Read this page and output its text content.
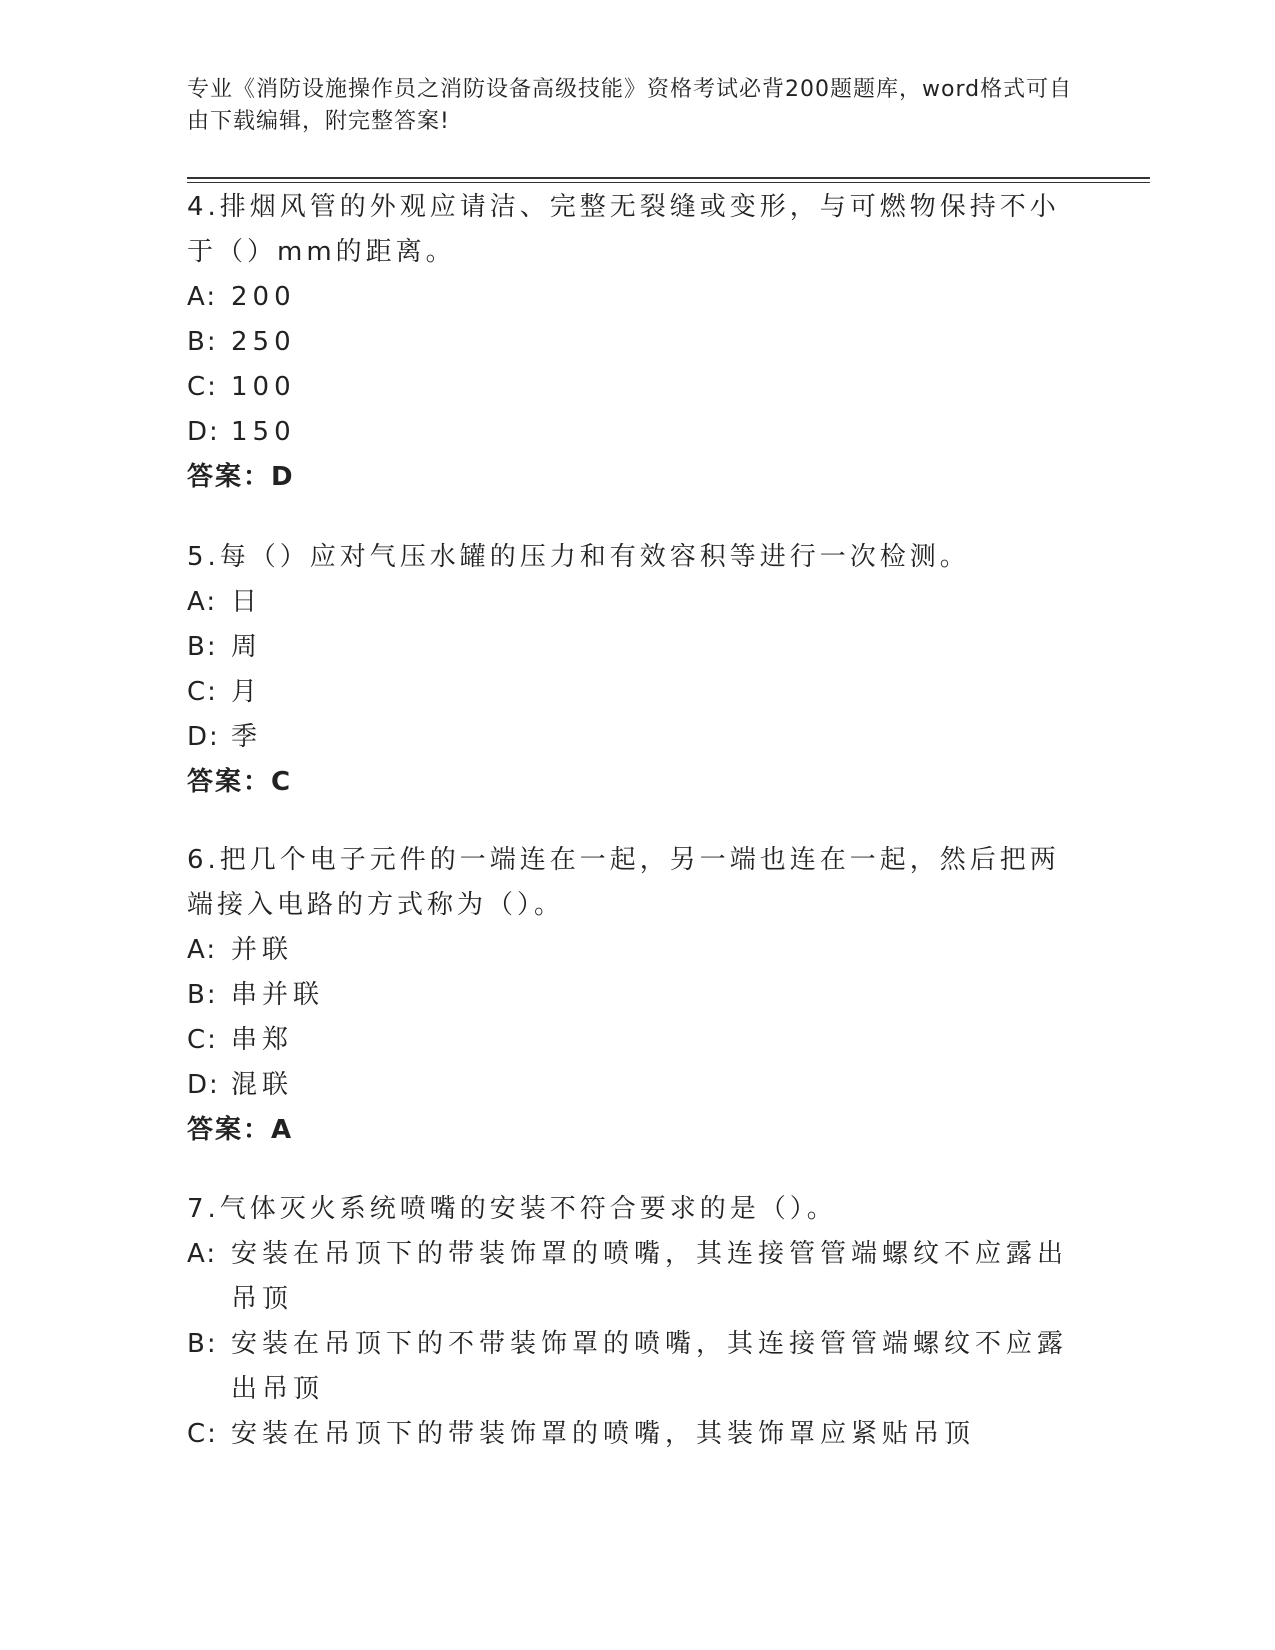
专业《消防设施操作员之消防设备高级技能》资格考试必背200题题库，word格式可自由下载编辑，附完整答案!

4.排烟风管的外观应请洁、完整无裂缝或变形，与可燃物保持不小于（）mm的距离。

A: 200
B: 250
C: 100
D: 150
答案：D

5.每（）应对气压水罐的压力和有效容积等进行一次检测。

A: 日
B: 周
C: 月
D: 季
答案：C

6.把几个电子元件的一端连在一起，另一端也连在一起，然后把两端接入电路的方式称为（）。

A: 并联
B: 串并联
C: 串郑
D: 混联
答案：A

7.气体灭火系统喷嘴的安装不符合要求的是（）。

A: 安装在吊顶下的带装饰罩的喷嘴，其连接管管端螺纹不应露出吊顶
B: 安装在吊顶下的不带装饰罩的喷嘴，其连接管管端螺纹不应露出吊顶
C: 安装在吊顶下的带装饰罩的喷嘴，其装饰罩应紧贴吊顶
